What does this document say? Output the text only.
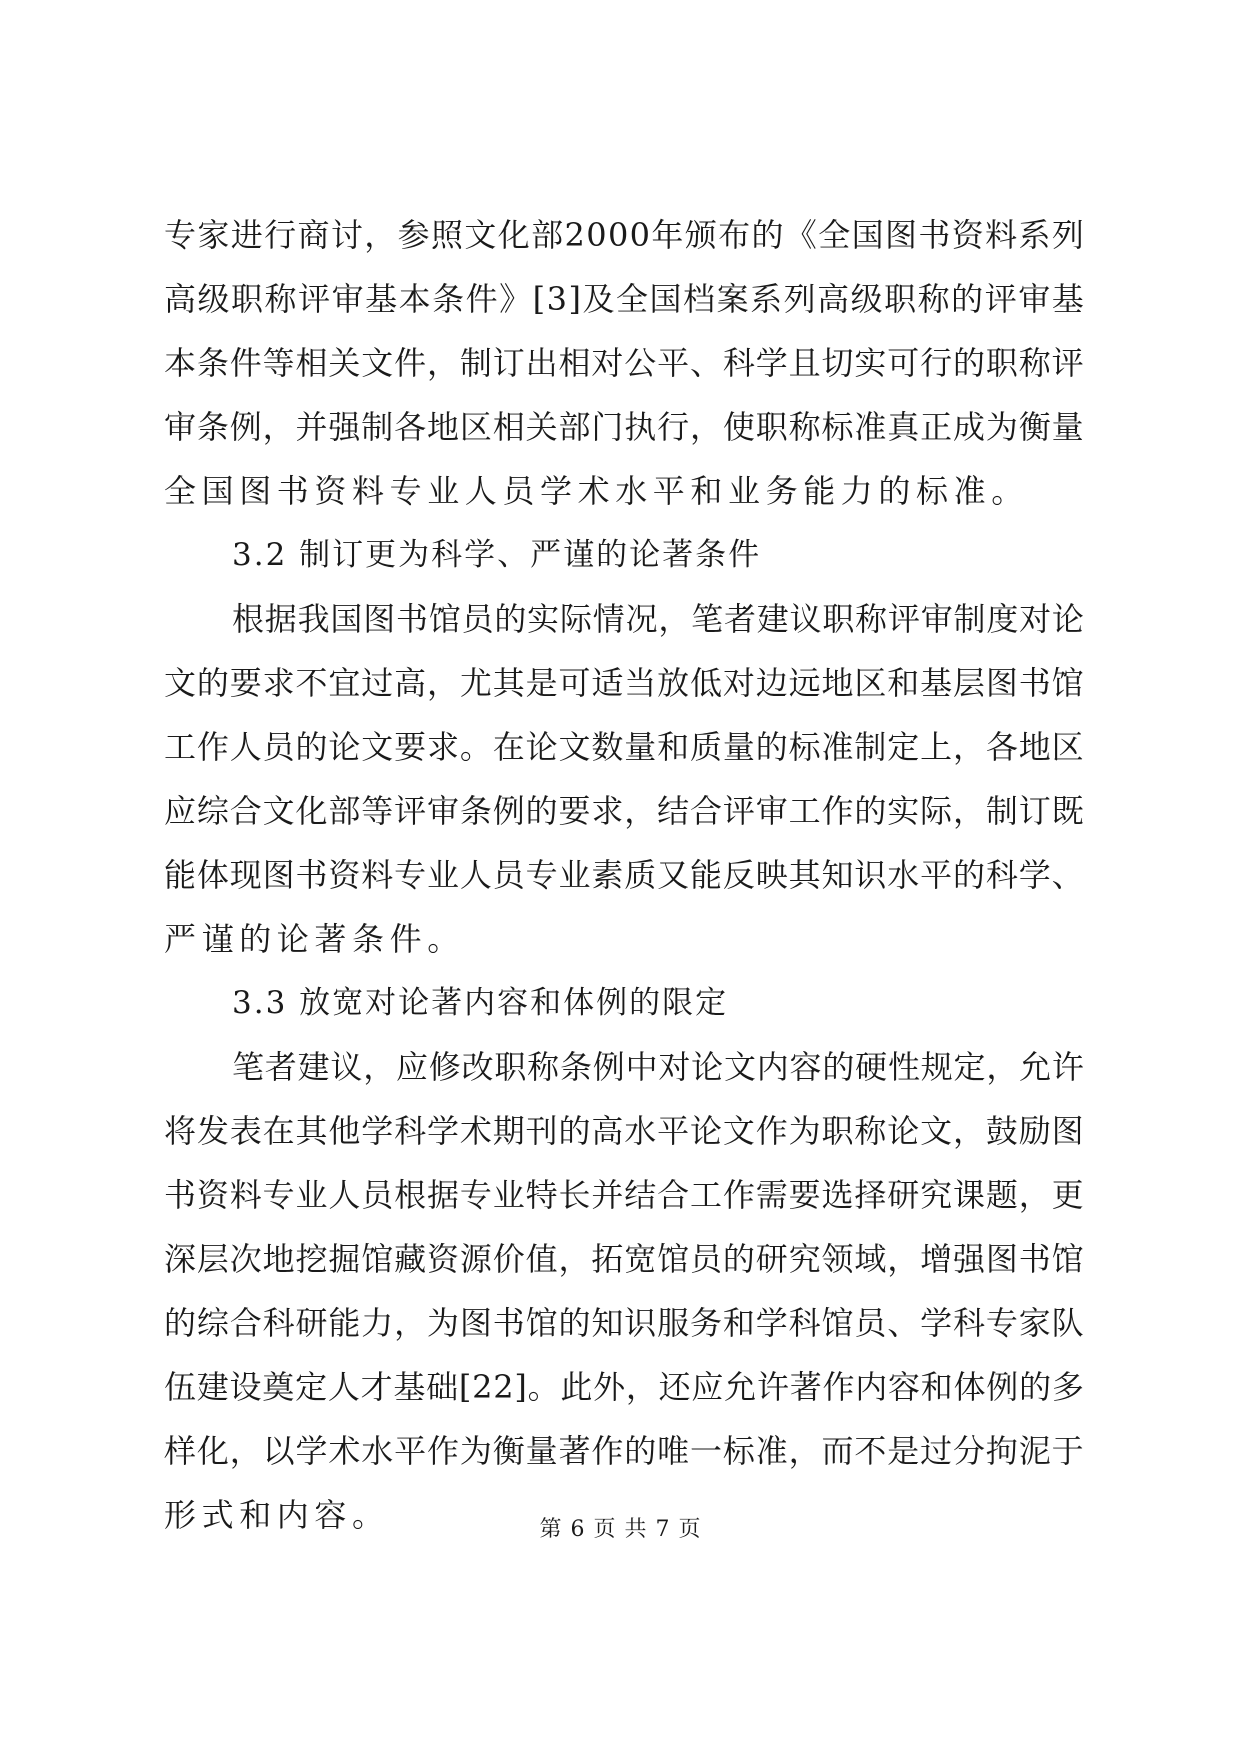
专 家 进 行 商 讨 ， 参 照 文 化 部 2 0 0 0 年 颁 布 的 《 全 国 图 书 资 料 系 列
高 级 职 称 评 审 基 本 条 件 》 [ 3 ] 及 全 国 档 案 系 列 高 级 职 称 的 评 审 基
本 条 件 等 相 关 文 件 ， 制 订 出 相 对 公 平 、 科 学 且 切 实 可 行 的 职 称 评
审 条 例 ， 并 强 制 各 地 区 相 关 部 门 执 行 ， 使 职 称 标 准 真 正 成 为 衡 量
全国图书资料专业人员学术水平和业务能力的标准。
3.2 制订更为科学、严谨的论著条件
根 据 我 国 图 书 馆 员 的 实 际 情 况 ， 笔 者 建 议 职 称 评 审 制 度 对 论
文 的 要 求 不 宜 过 高 ， 尤 其 是 可 适 当 放 低 对 边 远 地 区 和 基 层 图 书 馆
工 作 人 员 的 论 文 要 求 。 在 论 文 数 量 和 质 量 的 标 准 制 定 上 ， 各 地 区
应 综 合 文 化 部 等 评 审 条 例 的 要 求 ， 结 合 评 审 工 作 的 实 际 ， 制 订 既
能 体 现 图 书 资 料 专 业 人 员 专 业 素 质 又 能 反 映 其 知 识 水 平 的 科 学 、
严谨的论著条件。
3.3 放宽对论著内容和体例的限定
笔 者 建 议 ， 应 修 改 职 称 条 例 中 对 论 文 内 容 的 硬 性 规 定 ， 允 许
将 发 表 在 其 他 学 科 学 术 期 刊 的 高 水 平 论 文 作 为 职 称 论 文 ， 鼓 励 图
书 资 料 专 业 人 员 根 据 专 业 特 长 并 结 合 工 作 需 要 选 择 研 究 课 题 ， 更
深 层 次 地 挖 掘 馆 藏 资 源 价 值 ， 拓 宽 馆 员 的 研 究 领 域 ， 增 强 图 书 馆
的 综 合 科 研 能 力 ， 为 图 书 馆 的 知 识 服 务 和 学 科 馆 员 、 学 科 专 家 队
伍 建 设 奠 定 人 才 基 础 [ 2 2 ] 。 此 外 ， 还 应 允 许 著 作 内 容 和 体 例 的 多
样 化 ， 以 学 术 水 平 作 为 衡 量 著 作 的 唯 一 标 准 ， 而 不 是 过 分 拘 泥 于
形式和内容。	第 6 页 共 7 页
